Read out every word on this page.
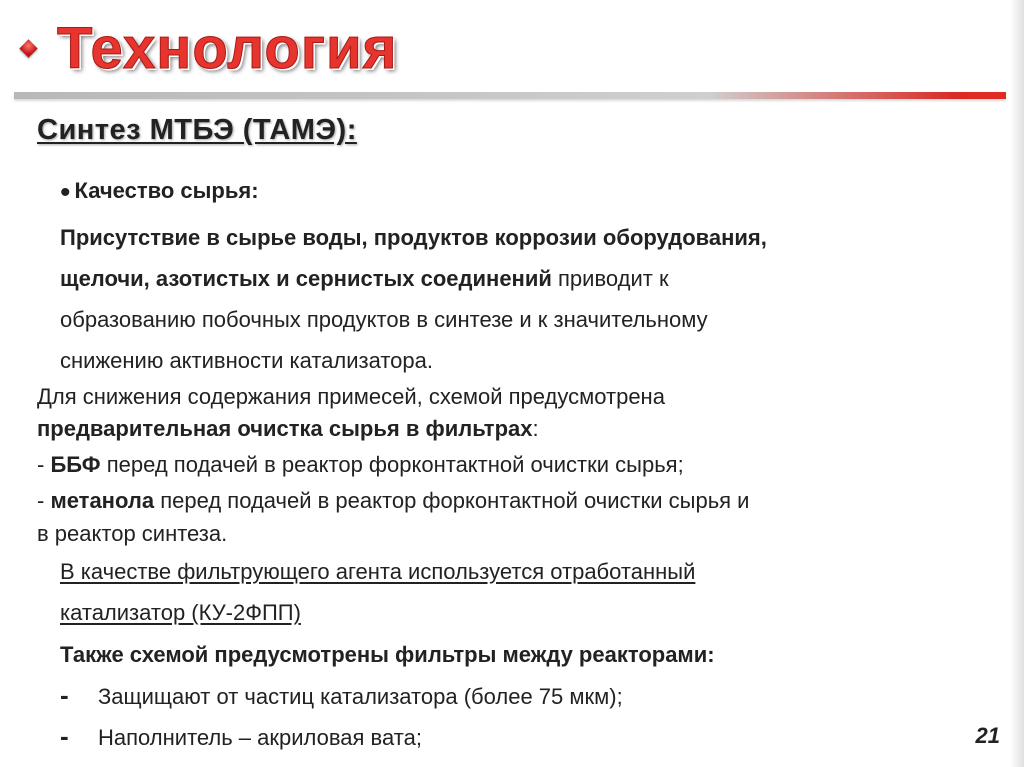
Технология
Синтез МТБЭ (ТАМЭ):
• Качество сырья:
Присутствие в сырье воды, продуктов коррозии оборудования,
щелочи, азотистых и сернистых соединений приводит к
образованию побочных продуктов в синтезе и к значительному
снижению активности катализатора.
Для снижения содержания примесей, схемой предусмотрена
предварительная очистка сырья в фильтрах:
- ББФ перед подачей в реактор форконтактной очистки сырья;
- метанола перед подачей в реактор форконтактной очистки сырья и
в реактор синтеза.
В качестве фильтрующего агента используется отработанный
катализатор (КУ-2ФПП)
Также схемой предусмотрены фильтры между реакторами:
- Защищают от частиц катализатора (более 75 мкм);
- Наполнитель – акриловая вата;	21
